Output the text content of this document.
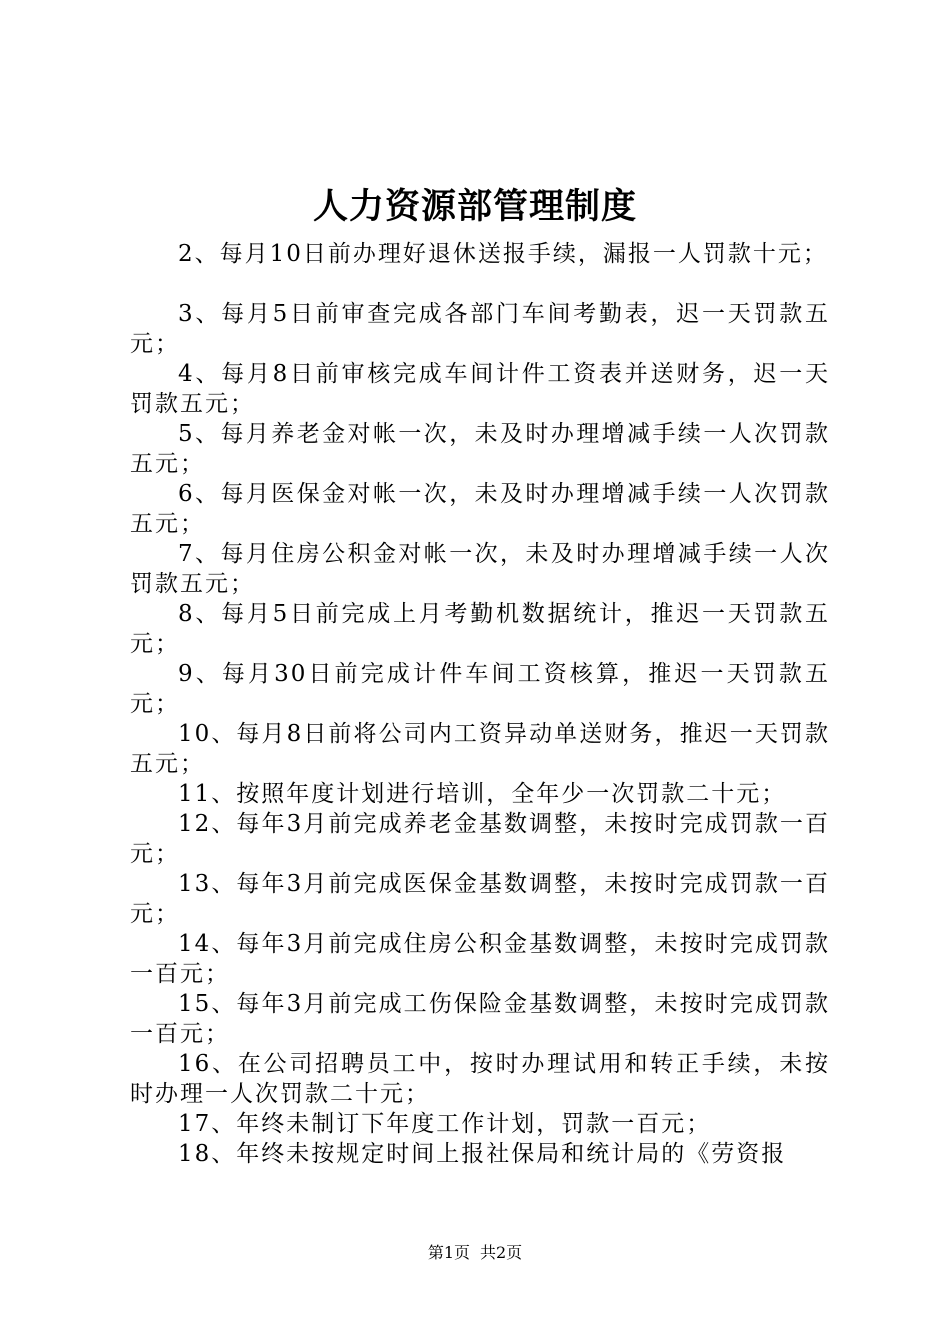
人力资源部管理制度

2、每月10日前办理好退休送报手续，漏报一人罚款十元；

3、每月5日前审查完成各部门车间考勤表，迟一天罚款五元；

4、每月8日前审核完成车间计件工资表并送财务，迟一天罚款五元；

5、每月养老金对帐一次，未及时办理增减手续一人次罚款五元；

6、每月医保金对帐一次，未及时办理增减手续一人次罚款五元；

7、每月住房公积金对帐一次，未及时办理增减手续一人次罚款五元；

8、每月5日前完成上月考勤机数据统计，推迟一天罚款五元；

9、每月30日前完成计件车间工资核算，推迟一天罚款五元；

10、每月8日前将公司内工资异动单送财务，推迟一天罚款五元；

11、按照年度计划进行培训，全年少一次罚款二十元；

12、每年3月前完成养老金基数调整，未按时完成罚款一百元；

13、每年3月前完成医保金基数调整，未按时完成罚款一百元；

14、每年3月前完成住房公积金基数调整，未按时完成罚款一百元；

15、每年3月前完成工伤保险金基数调整，未按时完成罚款一百元；

16、在公司招聘员工中，按时办理试用和转正手续，未按时办理一人次罚款二十元；

17、年终未制订下年度工作计划，罚款一百元；

18、年终未按规定时间上报社保局和统计局的《劳资报

第1页 共2页
